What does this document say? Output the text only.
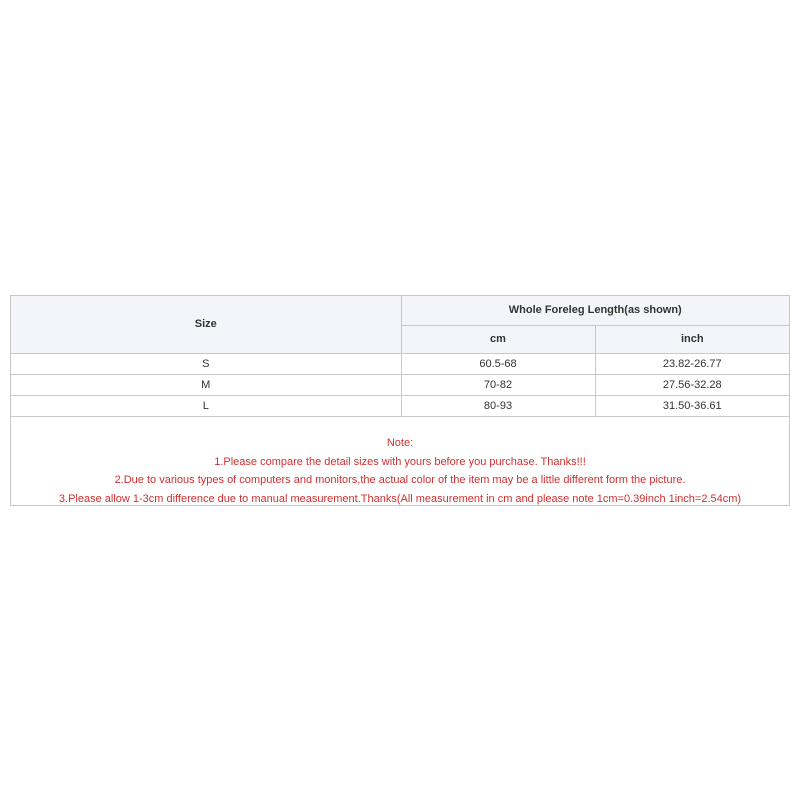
Size	Whole Foreleg Length(as shown)	
	cm	inch
S	60.5-68	23.82-26.77
M	70-82	27.56-32.28
L	80-93	31.50-36.61
Note:
1.Please compare the detail sizes with yours before you purchase. Thanks!!!
2.Due to various types of computers and monitors,the actual color of the item may be a little different form the picture.
3.Please allow 1-3cm difference due to manual measurement.Thanks(All measurement in cm and please note 1cm=0.39inch 1inch=2.54cm)
